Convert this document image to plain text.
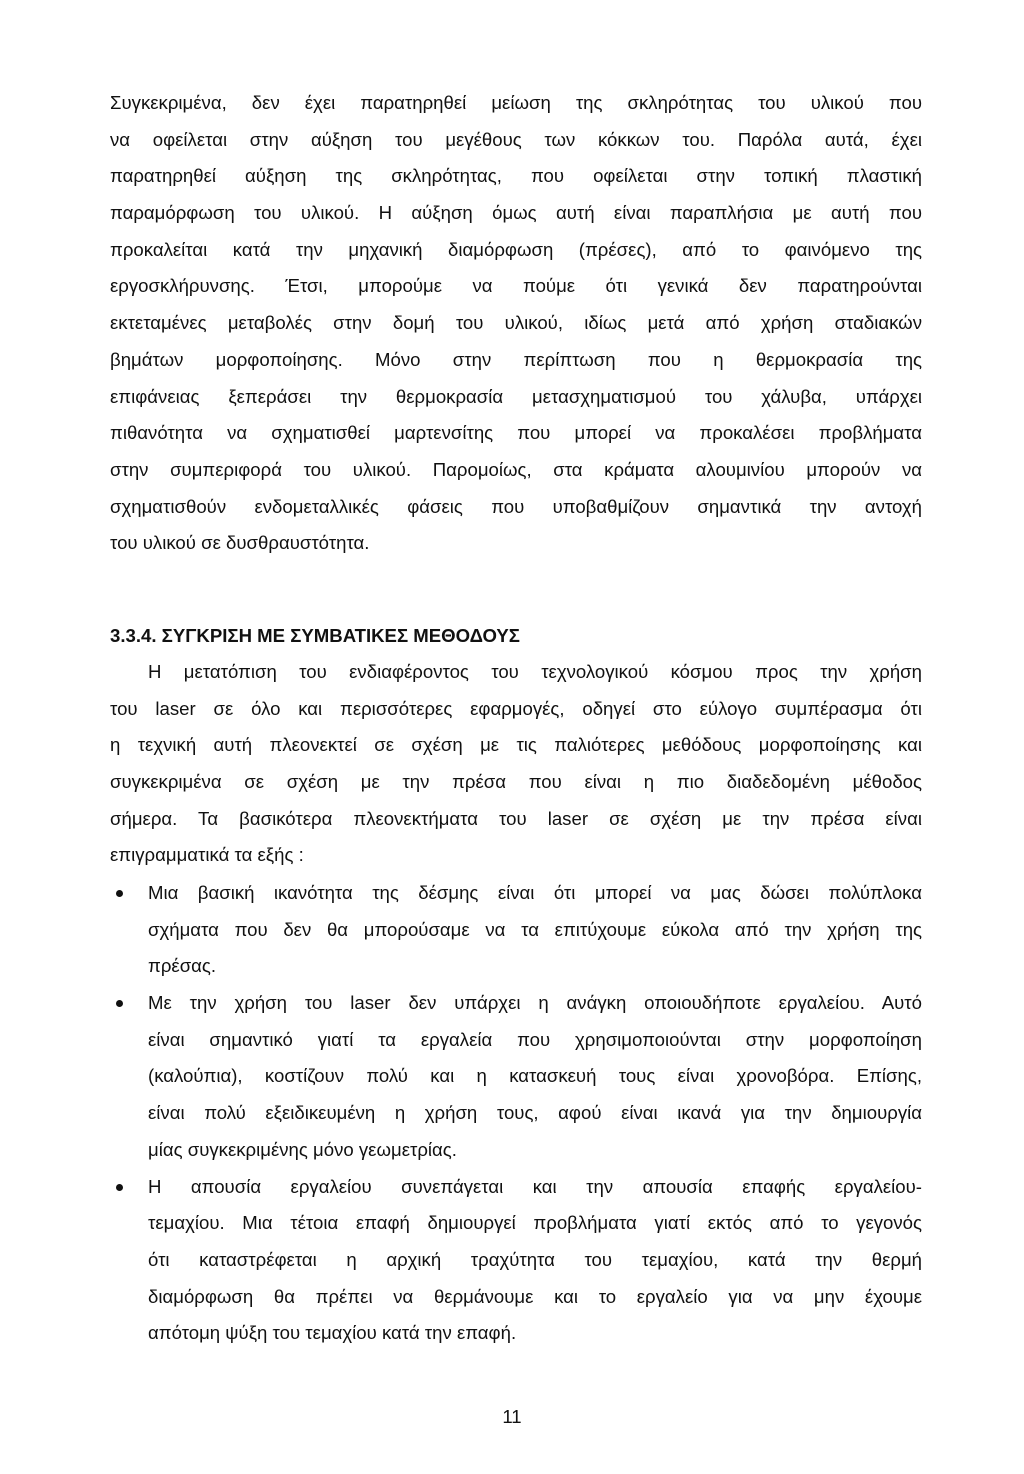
Συγκεκριμένα, δεν έχει παρατηρηθεί μείωση της σκληρότητας του υλικού που
να οφείλεται στην αύξηση του μεγέθους των κόκκων του. Παρόλα αυτά, έχει
παρατηρηθεί αύξηση της σκληρότητας, που οφείλεται στην τοπική πλαστική
παραμόρφωση του υλικού. Η αύξηση όμως αυτή είναι παραπλήσια με αυτή που
προκαλείται κατά την μηχανική διαμόρφωση (πρέσες), από το φαινόμενο της
εργοσκλήρυνσης. Έτσι, μπορούμε να πούμε ότι γενικά δεν παρατηρούνται
εκτεταμένες μεταβολές στην δομή του υλικού, ιδίως μετά από χρήση σταδιακών
βημάτων μορφοποίησης. Μόνο στην περίπτωση που η θερμοκρασία της
επιφάνειας ξεπεράσει την θερμοκρασία μετασχηματισμού του χάλυβα, υπάρχει
πιθανότητα να σχηματισθεί μαρτενσίτης που μπορεί να προκαλέσει προβλήματα
στην συμπεριφορά του υλικού. Παρομοίως, στα κράματα αλουμινίου μπορούν να
σχηματισθούν ενδομεταλλικές φάσεις που υποβαθμίζουν σημαντικά την αντοχή
του υλικού σε δυσθραυστότητα.
3.3.4. ΣΥΓΚΡΙΣΗ ΜΕ ΣΥΜΒΑΤΙΚΕΣ ΜΕΘΟΔΟΥΣ
Η μετατόπιση του ενδιαφέροντος του τεχνολογικού κόσμου προς την χρήση
του laser σε όλο και περισσότερες εφαρμογές, οδηγεί στο εύλογο συμπέρασμα ότι
η τεχνική αυτή πλεονεκτεί σε σχέση με τις παλιότερες μεθόδους μορφοποίησης και
συγκεκριμένα σε σχέση με την πρέσα που είναι η πιο διαδεδομένη μέθοδος
σήμερα. Τα βασικότερα πλεονεκτήματα του laser σε σχέση με την πρέσα είναι
επιγραμματικά τα εξής :
Μια βασική ικανότητα της δέσμης είναι ότι μπορεί να μας δώσει πολύπλοκα
σχήματα που δεν θα μπορούσαμε να τα επιτύχουμε εύκολα από την χρήση της
πρέσας.
Με την χρήση του laser δεν υπάρχει η ανάγκη οποιουδήποτε εργαλείου. Αυτό
είναι σημαντικό γιατί τα εργαλεία που χρησιμοποιούνται στην μορφοποίηση
(καλούπια), κοστίζουν πολύ και η κατασκευή τους είναι χρονοβόρα. Επίσης,
είναι πολύ εξειδικευμένη η χρήση τους, αφού είναι ικανά για την δημιουργία
μίας συγκεκριμένης μόνο γεωμετρίας.
Η απουσία εργαλείου συνεπάγεται και την απουσία επαφής εργαλείου-
τεμαχίου. Μια τέτοια επαφή δημιουργεί προβλήματα γιατί εκτός από το γεγονός
ότι καταστρέφεται η αρχική τραχύτητα του τεμαχίου, κατά την θερμή
διαμόρφωση θα πρέπει να θερμάνουμε και το εργαλείο για να μην έχουμε
απότομη ψύξη του τεμαχίου κατά την επαφή.
11
